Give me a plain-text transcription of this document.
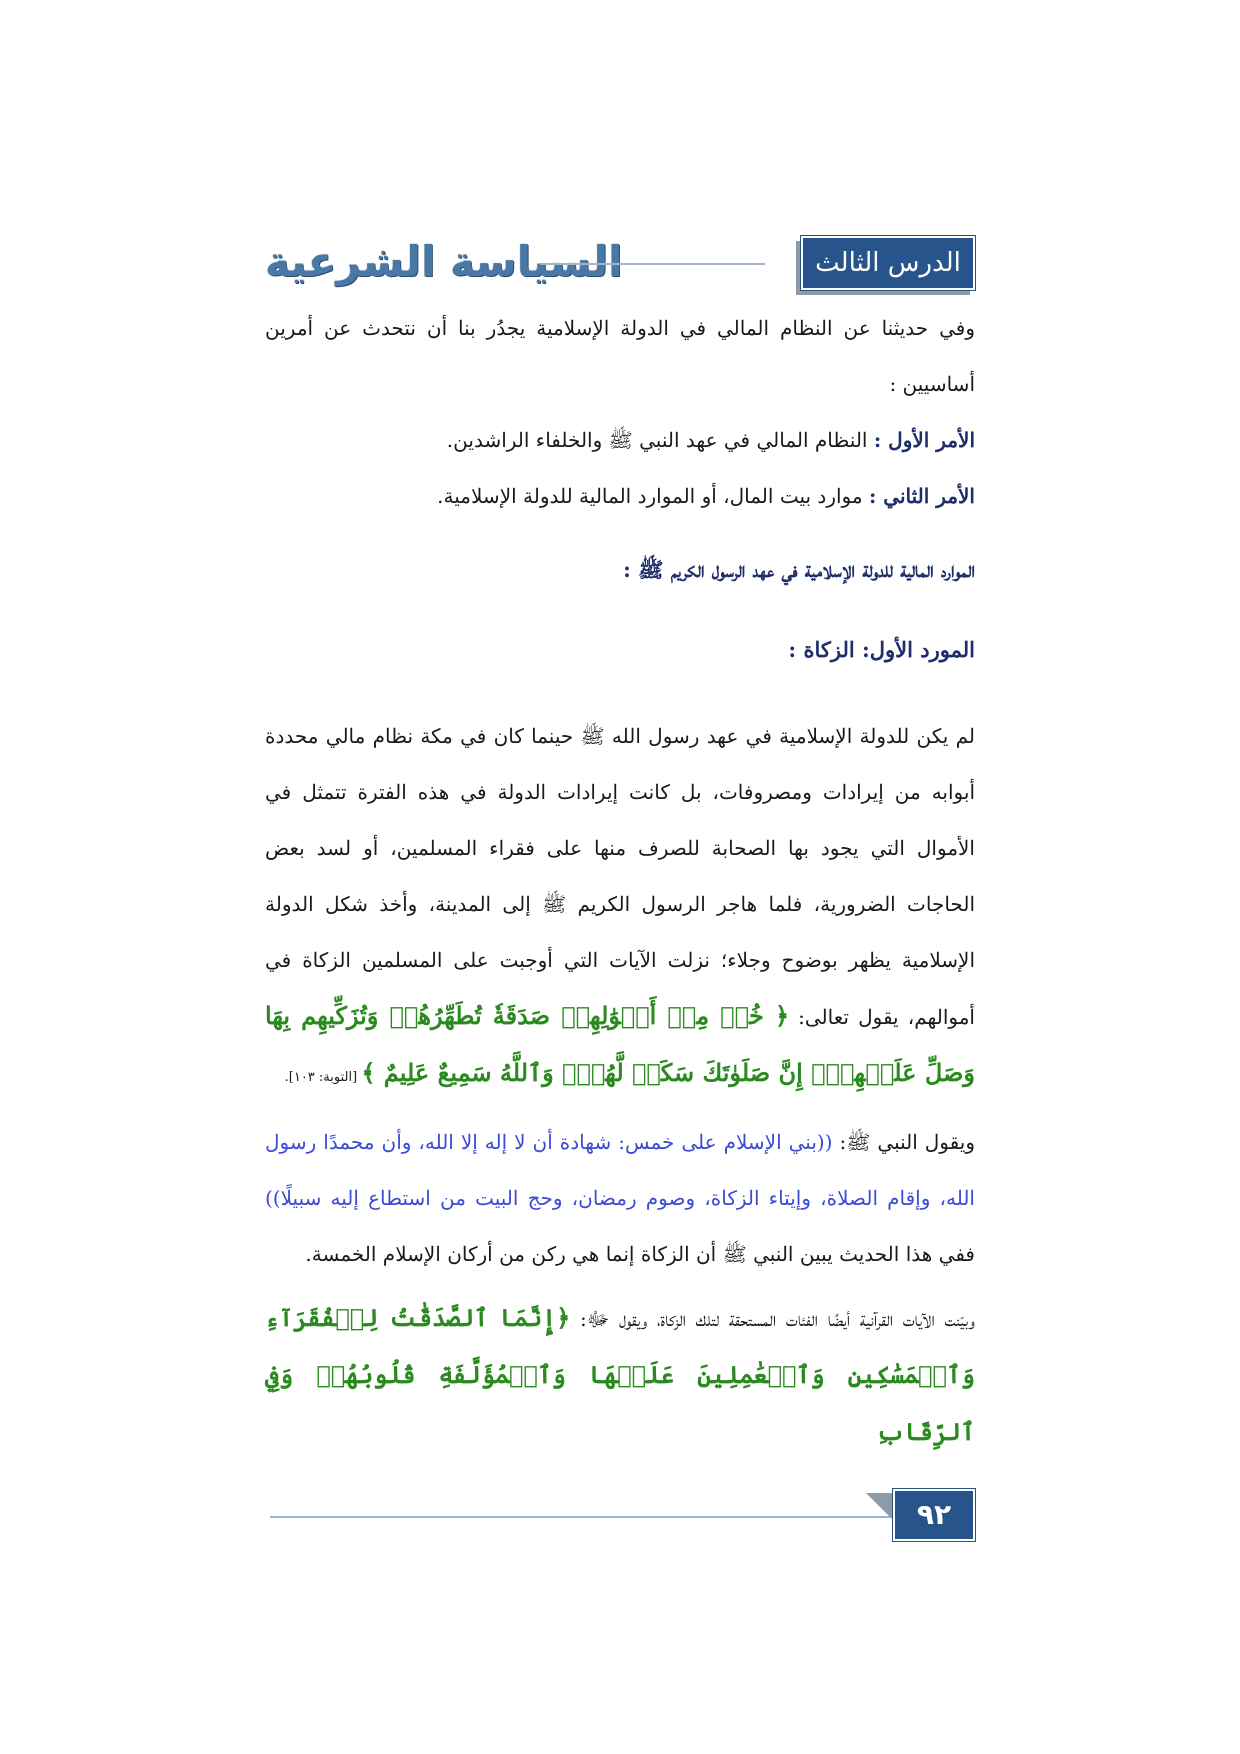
السياسة الشرعية	الدرس الثالث

وفي حديثنا عن النظام المالي في الدولة الإسلامية يجدُر بنا أن نتحدث عن أمرين أساسيين :

الأمر الأول : النظام المالي في عهد النبي ﷺ والخلفاء الراشدين.

الأمر الثاني : موارد بيت المال، أو الموارد المالية للدولة الإسلامية.

الموارد المالية للدولة الإسلامية في عهد الرسول الكريم ﷺ :

المورد الأول: الزكاة :

لم يكن للدولة الإسلامية في عهد رسول الله ﷺ حينما كان في مكة نظام مالي محددة أبوابه من إيرادات ومصروفات، بل كانت إيرادات الدولة في هذه الفترة تتمثل في الأموال التي يجود بها الصحابة للصرف منها على فقراء المسلمين، أو لسد بعض الحاجات الضرورية، فلما هاجر الرسول الكريم ﷺ إلى المدينة، وأخذ شكل الدولة الإسلامية يظهر بوضوح وجلاء؛ نزلت الآيات التي أوجبت على المسلمين الزكاة في أموالهم، يقول تعالى: ﴿ خُذۡ مِنۡ أَمۡوَٰلِهِمۡ صَدَقَةٗ تُطَهِّرُهُمۡ وَتُزَكِّيهِم بِهَا وَصَلِّ عَلَيۡهِمۡۖ إِنَّ صَلَوٰتَكَ سَكَنٞ لَّهُمۡۗ وَٱللَّهُ سَمِيعٌ عَلِيمٌ ﴾ [التوبة: ١٠٣].

ويقول النبي ﷺ: ((بني الإسلام على خمس: شهادة أن لا إله إلا الله، وأن محمدًا رسول الله، وإقام الصلاة، وإيتاء الزكاة، وصوم رمضان، وحج البيت من استطاع إليه سبيلًا)) ففي هذا الحديث يبين النبي ﷺ أن الزكاة إنما هي ركن من أركان الإسلام الخمسة.

وبيّنت الآيات القرآنية أيضًا الفئات المستحقة لتلك الزكاة، ويقول ﷻ: ﴿إِنَّمَا ٱلصَّدَقَٰتُ لِلۡفُقَرَآءِ وَٱلۡمَسَٰكِينِ وَٱلۡعَٰمِلِينَ عَلَيۡهَا وَٱلۡمُؤَلَّفَةِ قُلُوبُهُمۡ وَفِي ٱلرِّقَابِ

٩٢
